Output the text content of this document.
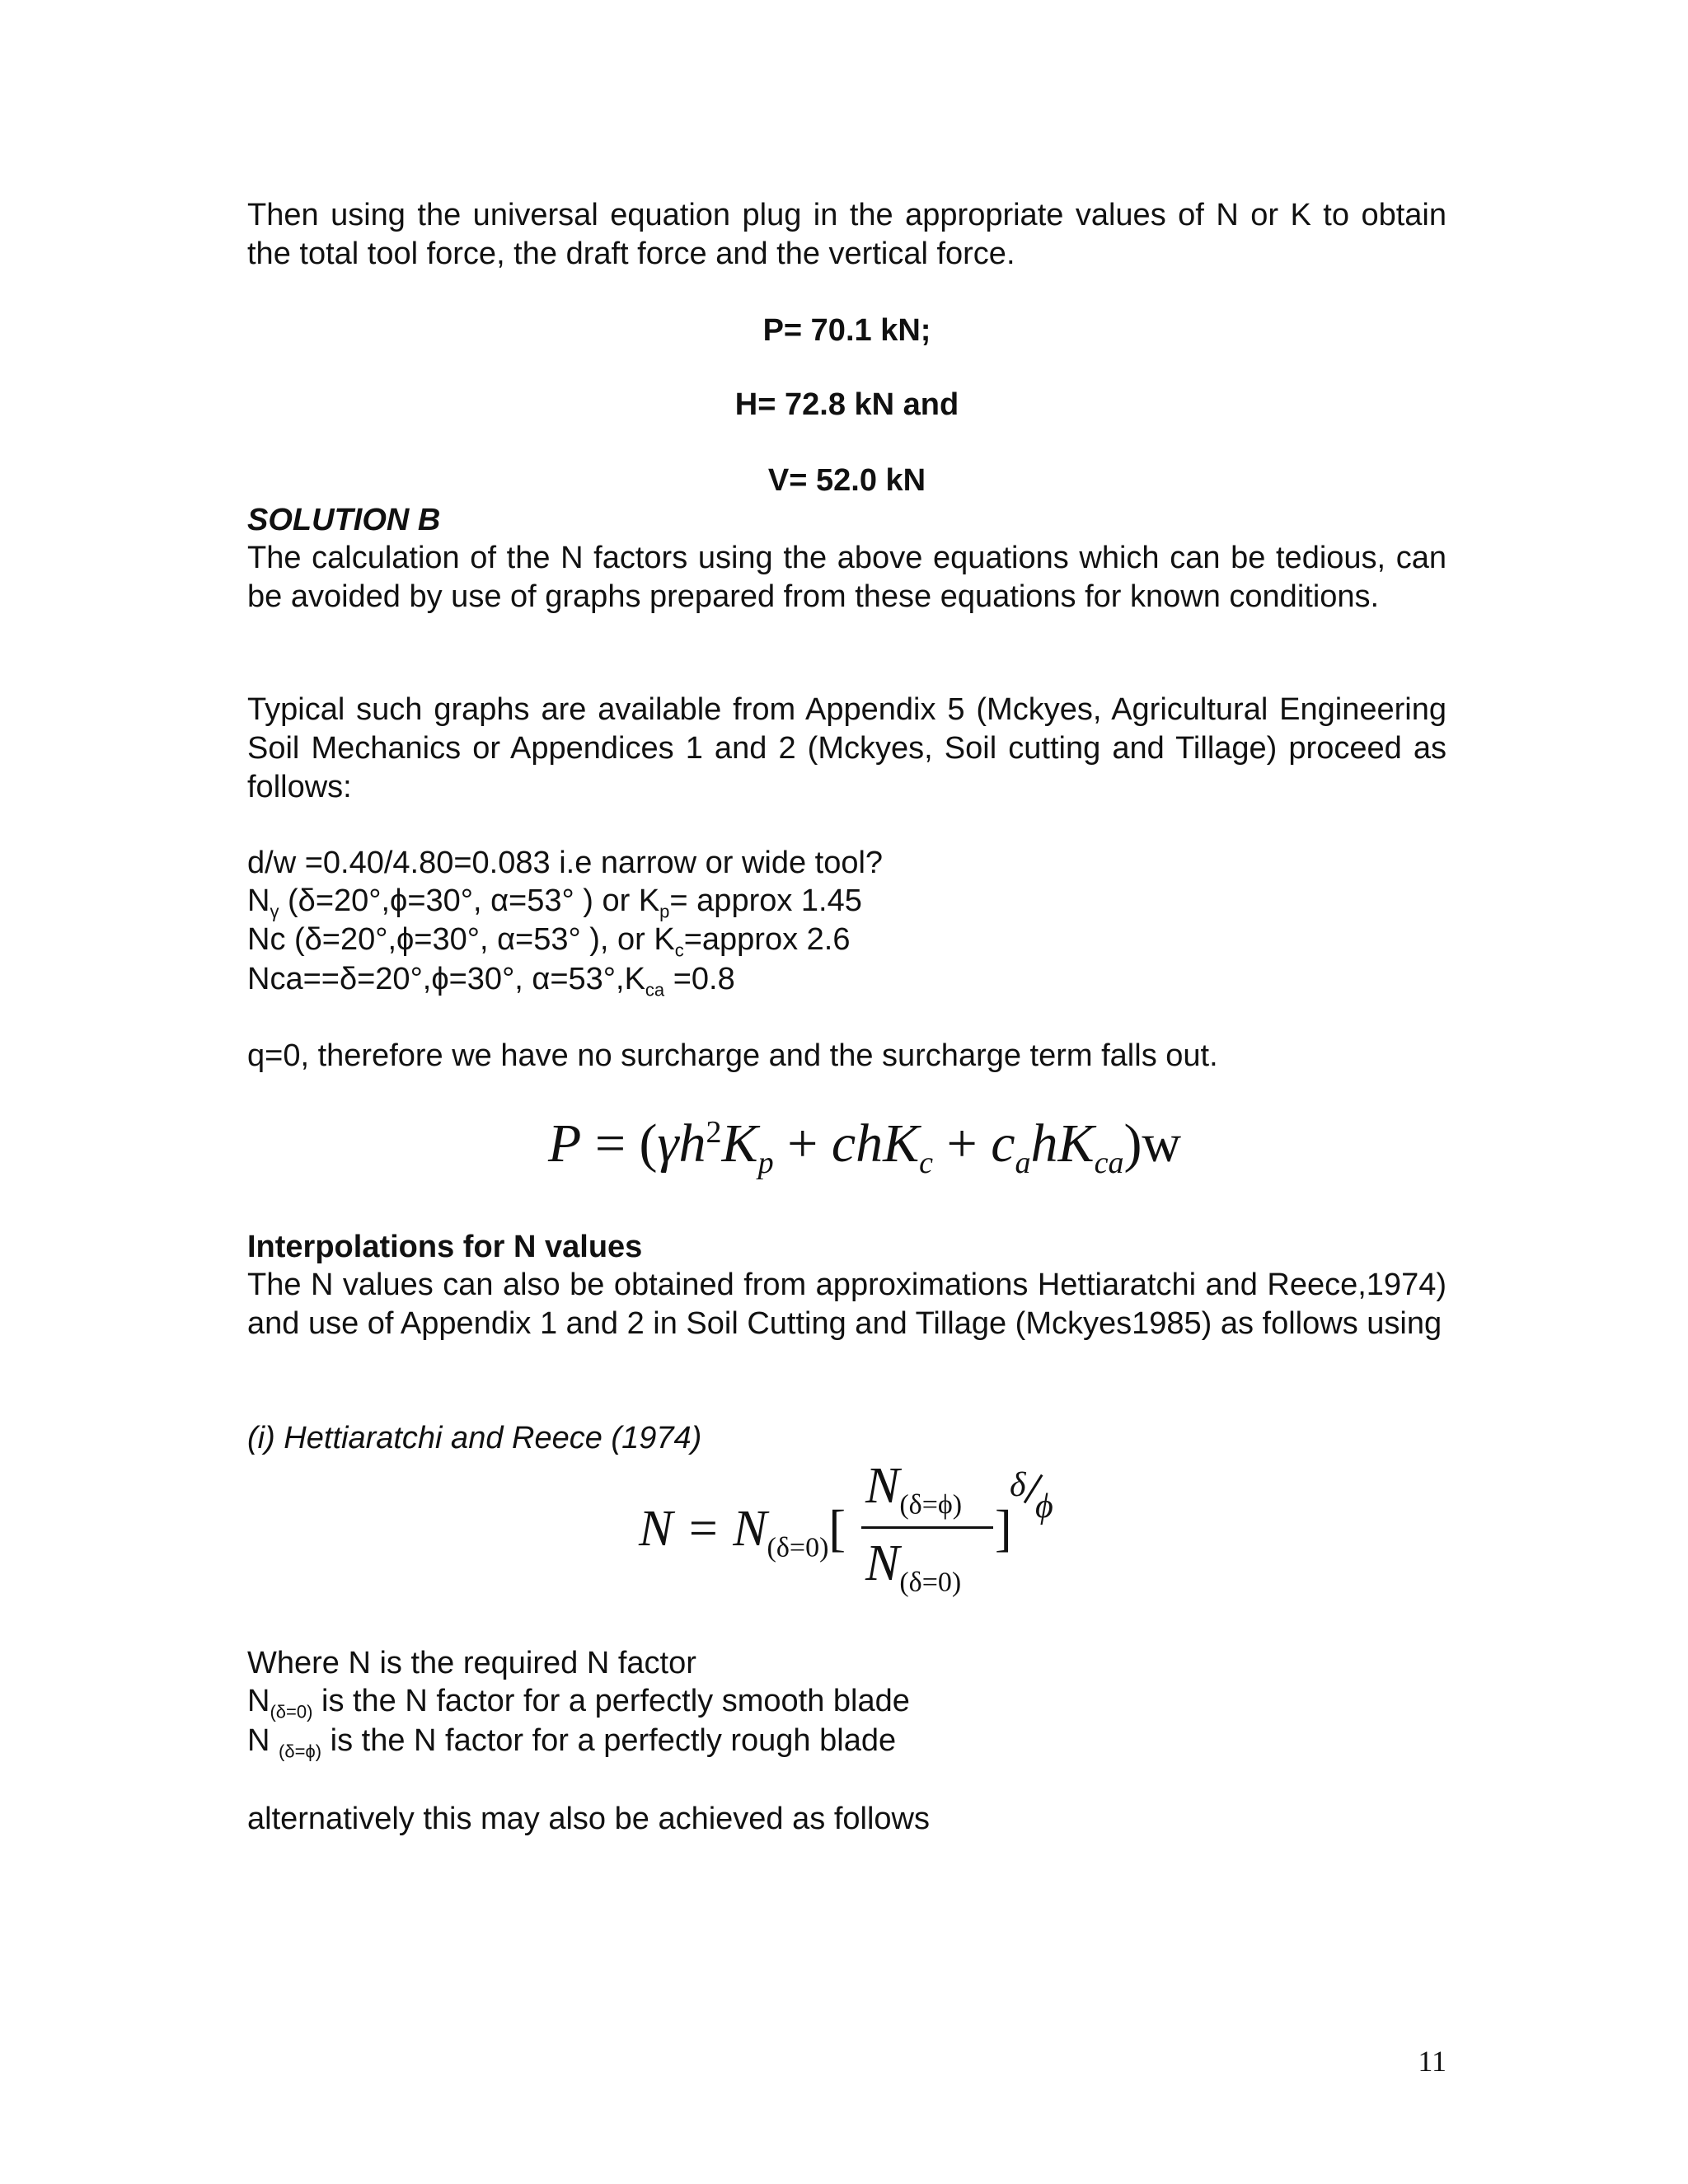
Then using the universal equation plug in the appropriate values of N or K to obtain the total tool force, the draft force and the vertical force.

P= 70.1 kN;
H= 72.8 kN and
V= 52.0 kN
SOLUTION B

The calculation of the N factors using the above equations which can be tedious, can be avoided by use of graphs prepared from these equations for known conditions.

Typical such graphs are available from Appendix 5 (Mckyes, Agricultural Engineering Soil Mechanics or Appendices 1 and 2 (Mckyes, Soil cutting and Tillage) proceed as follows:

d/w =0.40/4.80=0.083 i.e narrow or wide tool?
$N_\gamma$ (δ=20°,ϕ=30°, α=53° ) or $K_p=$ approx 1.45
Nc (δ=20°,ϕ=30°, α=53° ), or $K_c=approx$ 2.6
Nca==δ=20°,ϕ=30°, $\alpha=53^\circ,K_{ca} =0.8$
q=0, therefore we have no surcharge and the surcharge term falls out.
$P = (\gamma h^2K_p + chK_c + c_ahK_{ca})w$
Interpolations for N values

The N values can also be obtained from approximations Hettiaratchi and Reece,1974) and use of Appendix 1 and 2 in Soil Cutting and Tillage (Mckyes1985) as follows using

(i) Hettiaratchi and Reece (1974)
$N = N_{(\delta=0)}$[
$N_{(\delta=\phi)}$
$N_{(\delta=0)}$
]
δ
ϕ
Where N is the required N factor
$N_{(\delta=0)}$ is the N factor for a perfectly smooth blade
N $_{(\delta=\phi)}$ is the N factor for a perfectly rough blade
alternatively this may also be achieved as follows
11
